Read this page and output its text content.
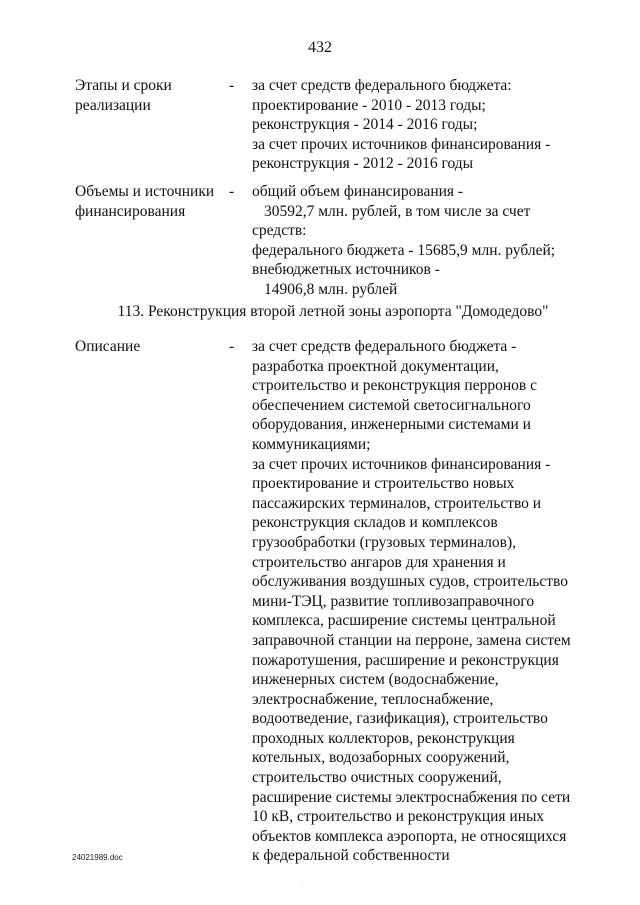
432
Этапы и сроки
реализации
- за счет средств федерального бюджета:
проектирование - 2010 - 2013 годы;
реконструкция - 2014 - 2016 годы;
за счет прочих источников финансирования -
реконструкция - 2012 - 2016 годы
Объемы и источники
финансирования
- общий объем финансирования -
30592,7 млн. рублей, в том числе за счет
средств:
федерального бюджета - 15685,9 млн. рублей;
внебюджетных источников -
14906,8 млн. рублей
113. Реконструкция второй летной зоны аэропорта "Домодедово"
Описание	- за счет средств федерального бюджета -
разработка проектной документации,
строительство и реконструкция перронов с
обеспечением системой светосигнального
оборудования, инженерными системами и
коммуникациями;
за счет прочих источников финансирования -
проектирование и строительство новых
пассажирских терминалов, строительство и
реконструкция складов и комплексов
грузообработки (грузовых терминалов),
строительство ангаров для хранения и
обслуживания воздушных судов, строительство
мини-ТЭЦ, развитие топливозаправочного
комплекса, расширение системы центральной
заправочной станции на перроне, замена систем
пожаротушения, расширение и реконструкция
инженерных систем (водоснабжение,
электроснабжение, теплоснабжение,
водоотведение, газификация), строительство
проходных коллекторов, реконструкция
котельных, водозаборных сооружений,
строительство очистных сооружений,
расширение системы электроснабжения по сети
10 кВ, строительство и реконструкция иных
объектов комплекса аэропорта, не относящихся
к федеральной собственности
24021989.doc
·
